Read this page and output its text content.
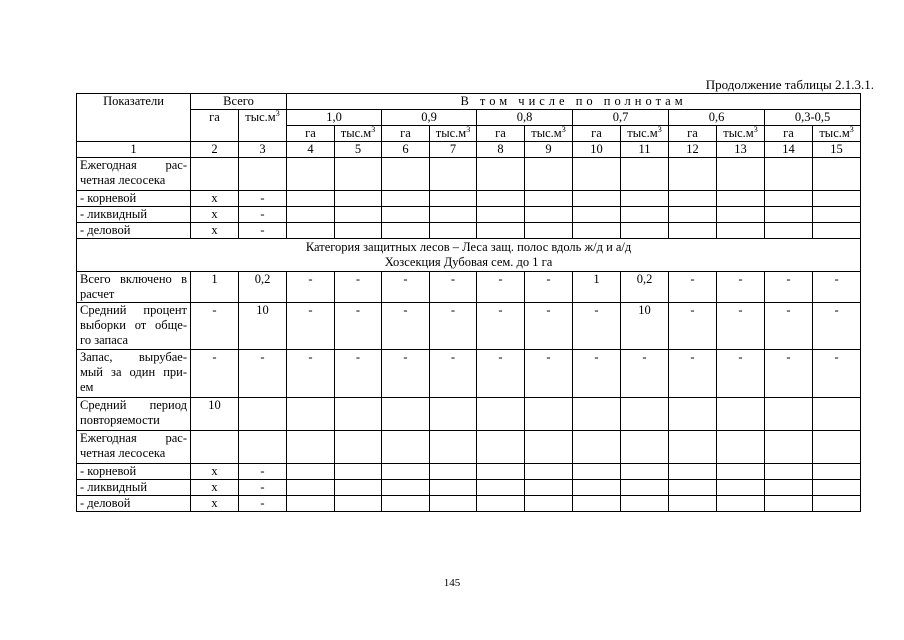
Продолжение таблицы 2.1.3.1.
Показатели	Всего		В том числе по полнотам											
	га	$тыс.м^3$	1,0		0,9		0,8		0,7		0,6		0,3-0,5	
			га	$тыс.м^3$	га	$тыс.м^3$	га	$тыс.м^3$	га	$тыс.м^3$	га	$тыс.м^3$	га	$тыс.м^3$
1	2	3	4	5	6	7	8	9	10	11	12	13	14	15

Ежегодная рас-
четная лесосека														

- корневой	х	-												
- ликвидный	х	-												
- деловой	х	-												

Категория защитных лесов – Леса защ. полос вдоль ж/д и а/д
Хозсекция Дубовая сем. до 1 га														

Всего включено в
расчет	1	0,2	-	-	-	-	-	-	1	0,2	-	-	-	-

Средний процент
выборки от обще-
го запаса	-	10	-	-	-	-	-	-	-	10	-	-	-	-

Запас, вырубае-
мый за один при-
ем	-	-	-	-	-	-	-	-	-	-	-	-	-	-

Средний период
повторяемости	10													

Ежегодная рас-
четная лесосека														

- корневой	х	-												

- ликвидный	х	-												

- деловой	х	-												
145
